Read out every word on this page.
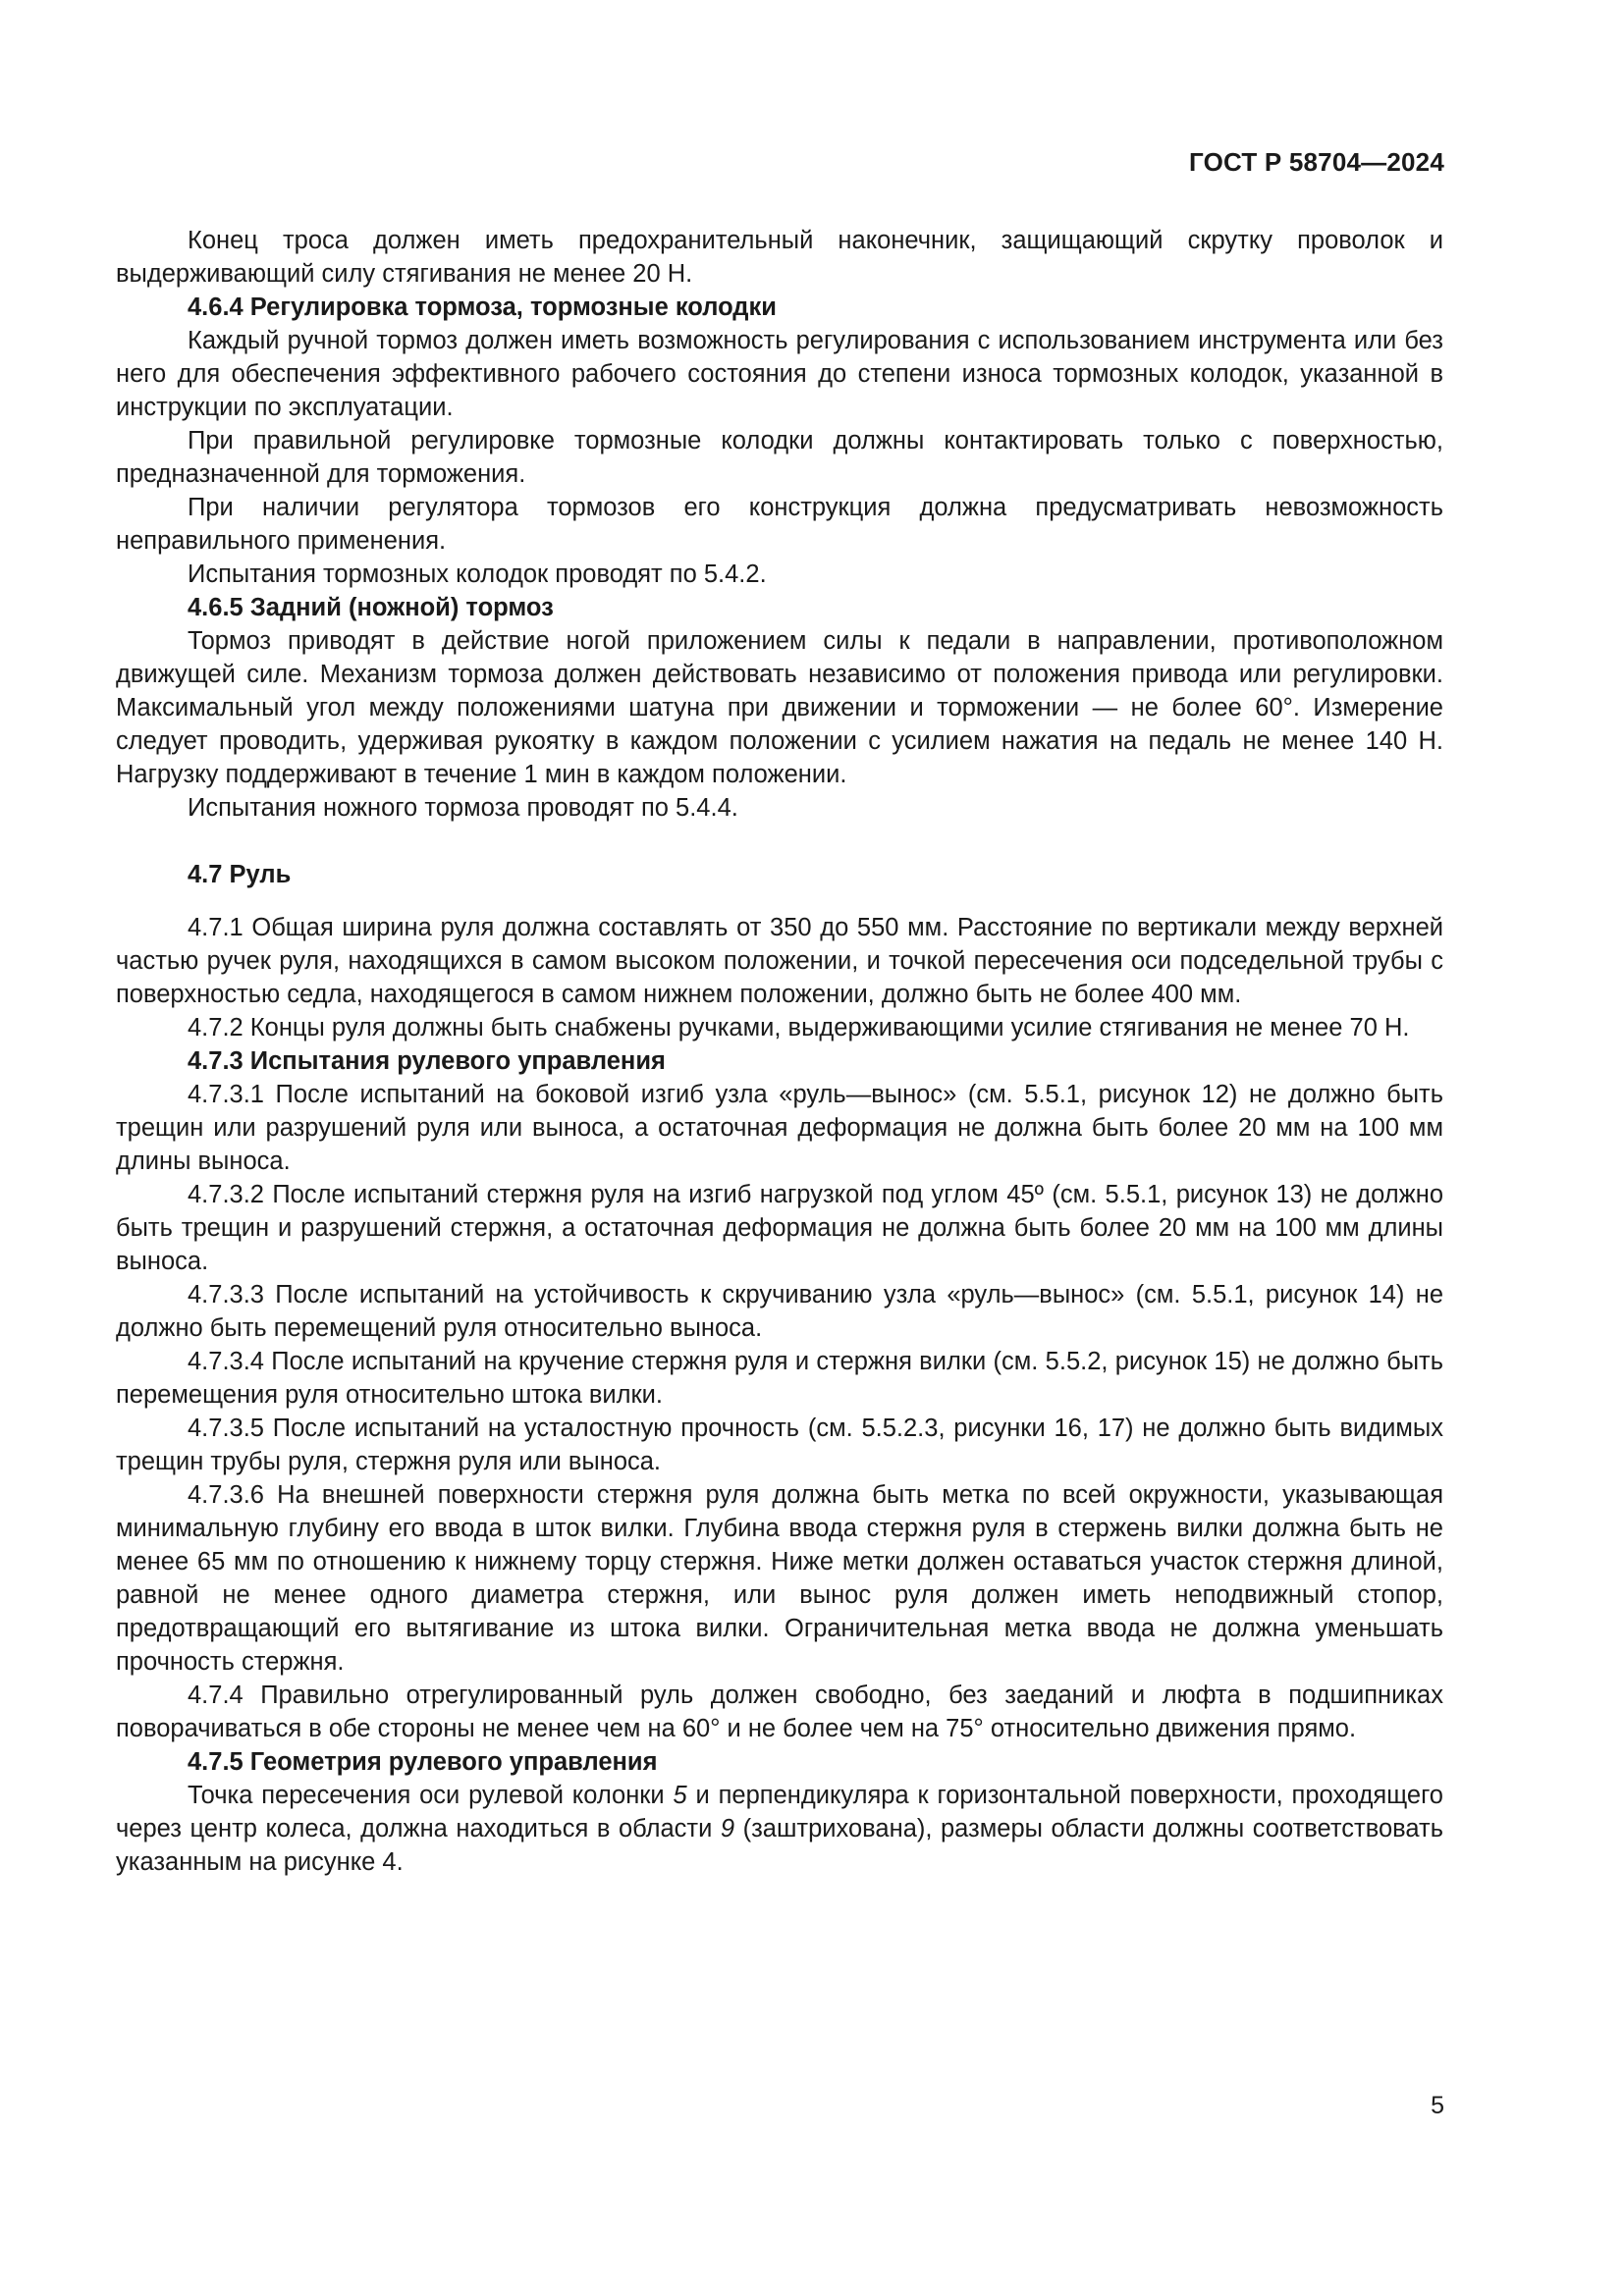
ГОСТ Р 58704—2024

Конец троса должен иметь предохранительный наконечник, защищающий скрутку проволок и выдерживающий силу стягивания не менее 20 Н.

4.6.4 Регулировка тормоза, тормозные колодки

Каждый ручной тормоз должен иметь возможность регулирования с использованием инструмента или без него для обеспечения эффективного рабочего состояния до степени износа тормозных колодок, указанной в инструкции по эксплуатации.

При правильной регулировке тормозные колодки должны контактировать только с поверхностью, предназначенной для торможения.

При наличии регулятора тормозов его конструкция должна предусматривать невозможность неправильного применения.

Испытания тормозных колодок проводят по 5.4.2.

4.6.5 Задний (ножной) тормоз

Тормоз приводят в действие ногой приложением силы к педали в направлении, противоположном движущей силе. Механизм тормоза должен действовать независимо от положения привода или регулировки. Максимальный угол между положениями шатуна при движении и торможении — не более 60°. Измерение следует проводить, удерживая рукоятку в каждом положении с усилием нажатия на педаль не менее 140 Н. Нагрузку поддерживают в течение 1 мин в каждом положении.

Испытания ножного тормоза проводят по 5.4.4.

4.7 Руль

4.7.1 Общая ширина руля должна составлять от 350 до 550 мм. Расстояние по вертикали между верхней частью ручек руля, находящихся в самом высоком положении, и точкой пересечения оси подседельной трубы с поверхностью седла, находящегося в самом нижнем положении, должно быть не более 400 мм.

4.7.2 Концы руля должны быть снабжены ручками, выдерживающими усилие стягивания не менее 70 Н.

4.7.3 Испытания рулевого управления

4.7.3.1 После испытаний на боковой изгиб узла «руль—вынос» (см. 5.5.1, рисунок 12) не должно быть трещин или разрушений руля или выноса, а остаточная деформация не должна быть более 20 мм на 100 мм длины выноса.

4.7.3.2 После испытаний стержня руля на изгиб нагрузкой под углом 45º (см. 5.5.1, рисунок 13) не должно быть трещин и разрушений стержня, а остаточная деформация не должна быть более 20 мм на 100 мм длины выноса.

4.7.3.3 После испытаний на устойчивость к скручиванию узла «руль—вынос» (см. 5.5.1, рисунок 14) не должно быть перемещений руля относительно выноса.

4.7.3.4 После испытаний на кручение стержня руля и стержня вилки (см. 5.5.2, рисунок 15) не должно быть перемещения руля относительно штока вилки.

4.7.3.5 После испытаний на усталостную прочность (см. 5.5.2.3, рисунки 16, 17) не должно быть видимых трещин трубы руля, стержня руля или выноса.

4.7.3.6 На внешней поверхности стержня руля должна быть метка по всей окружности, указывающая минимальную глубину его ввода в шток вилки. Глубина ввода стержня руля в стержень вилки должна быть не менее 65 мм по отношению к нижнему торцу стержня. Ниже метки должен оставаться участок стержня длиной, равной не менее одного диаметра стержня, или вынос руля должен иметь неподвижный стопор, предотвращающий его вытягивание из штока вилки. Ограничительная метка ввода не должна уменьшать прочность стержня.

4.7.4 Правильно отрегулированный руль должен свободно, без заеданий и люфта в подшипниках поворачиваться в обе стороны не менее чем на 60° и не более чем на 75° относительно движения прямо.

4.7.5 Геометрия рулевого управления

Точка пересечения оси рулевой колонки 5 и перпендикуляра к горизонтальной поверхности, проходящего через центр колеса, должна находиться в области 9 (заштрихована), размеры области должны соответствовать указанным на рисунке 4.

5
